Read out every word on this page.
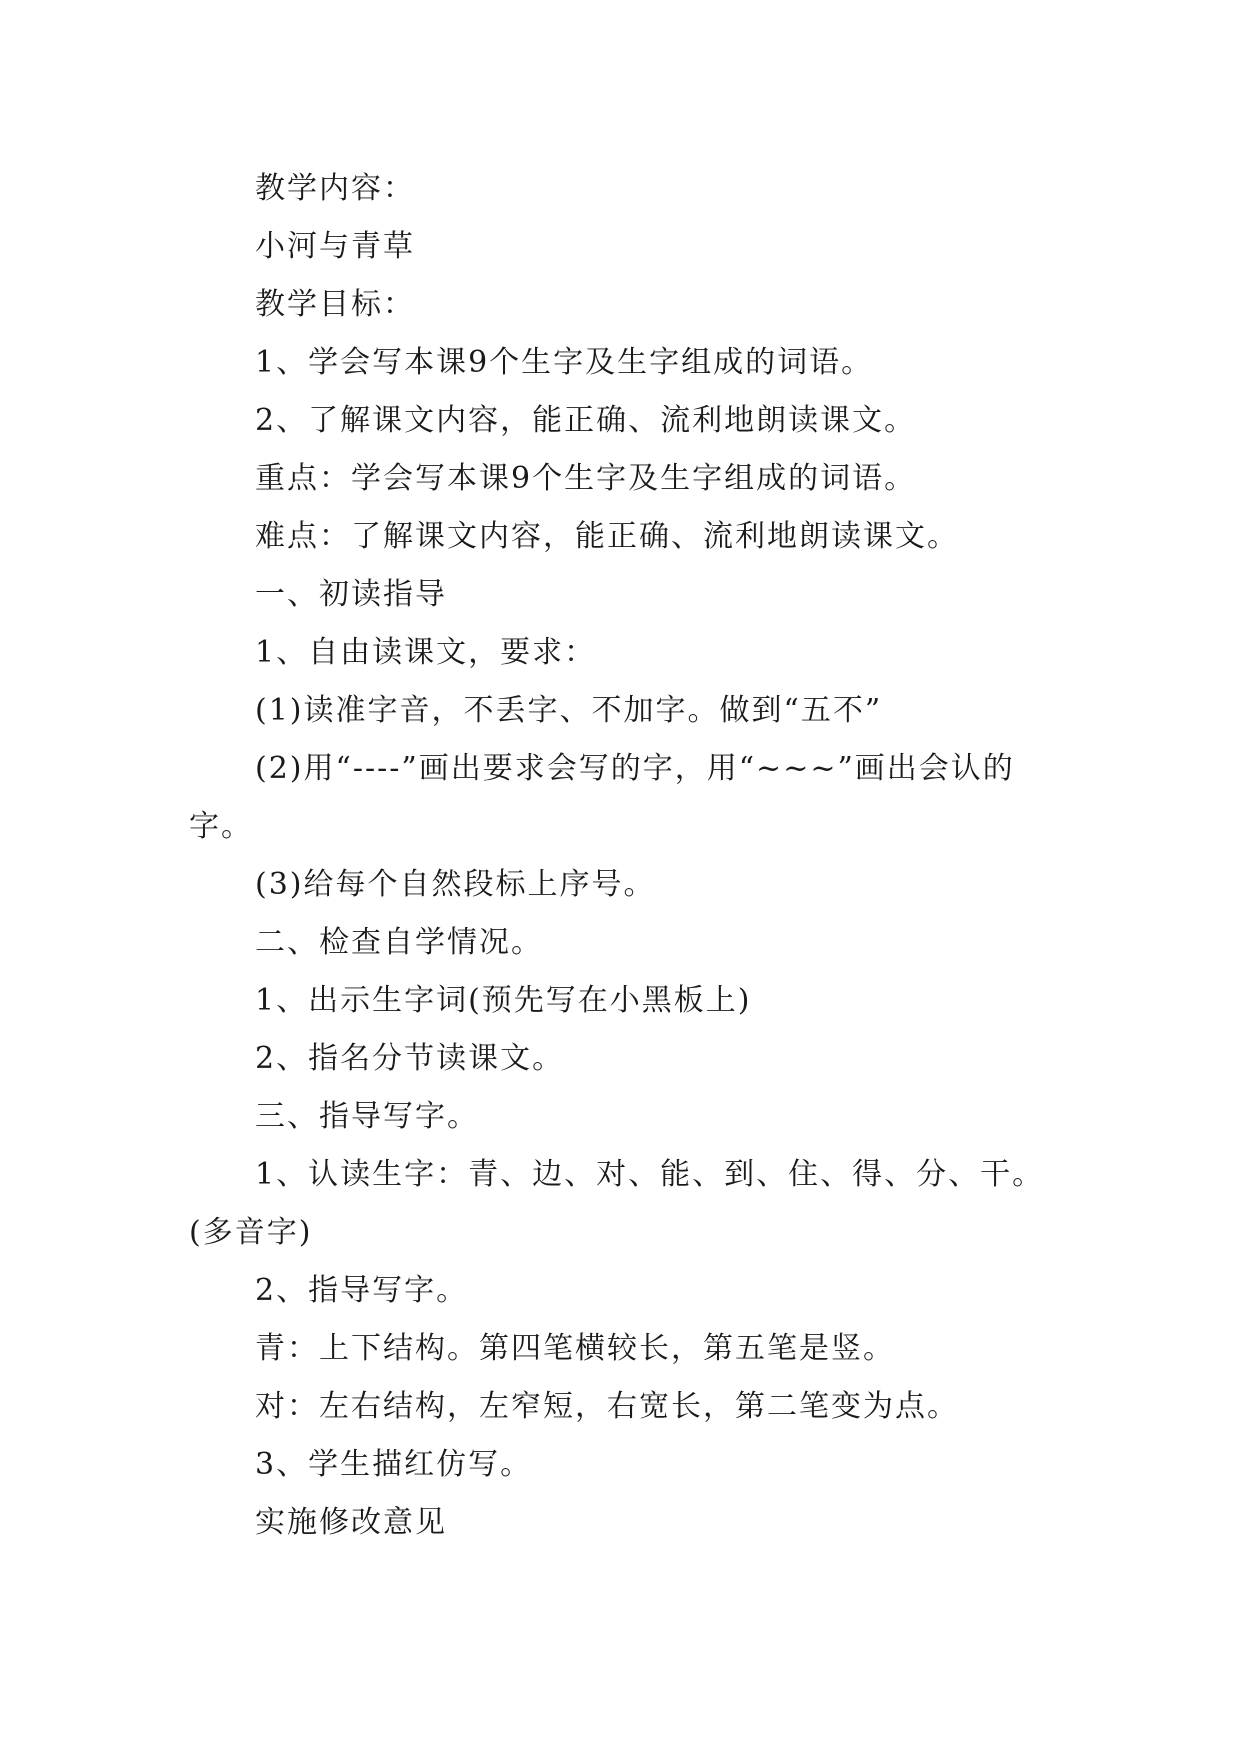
教学内容：

小河与青草

教学目标：

1、学会写本课9个生字及生字组成的词语。

2、了解课文内容，能正确、流利地朗读课文。

重点：学会写本课9个生字及生字组成的词语。

难点：了解课文内容，能正确、流利地朗读课文。

一、初读指导

1、自由读课文，要求：

(1)读准字音，不丢字、不加字。做到“五不”

(2)用“----”画出要求会写的字，用“~~~”画出会认的字。

(3)给每个自然段标上序号。

二、检查自学情况。

1、出示生字词(预先写在小黑板上)

2、指名分节读课文。

三、指导写字。

1、认读生字：青、边、对、能、到、住、得、分、干。(多音字)

2、指导写字。

青：上下结构。第四笔横较长，第五笔是竖。

对：左右结构，左窄短，右宽长，第二笔变为点。

3、学生描红仿写。

实施修改意见
